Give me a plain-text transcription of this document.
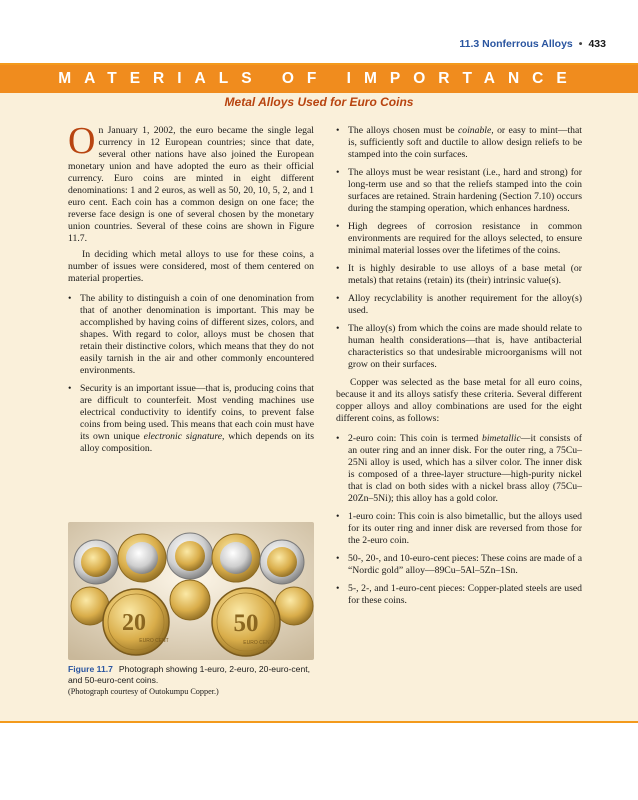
11.3 Nonferrous Alloys • 433
MATERIALS OF IMPORTANCE
Metal Alloys Used for Euro Coins

On January 1, 2002, the euro became the single legal currency in 12 European countries; since that date, several other nations have also joined the European monetary union and have adopted the euro as their official currency. Euro coins are minted in eight different denominations: 1 and 2 euros, as well as 50, 20, 10, 5, 2, and 1 euro cent. Each coin has a common design on one face; the reverse face design is one of several chosen by the monetary union countries. Several of these coins are shown in Figure 11.7.

In deciding which metal alloys to use for these coins, a number of issues were considered, most of them centered on material properties.

• The ability to distinguish a coin of one denomination from that of another denomination is important. This may be accomplished by having coins of different sizes, colors, and shapes. With regard to color, alloys must be chosen that retain their distinctive colors, which means that they do not easily tarnish in the air and other commonly encountered environments.
• Security is an important issue—that is, producing coins that are difficult to counterfeit. Most vending machines use electrical conductivity to identify coins, to prevent false coins from being used. This means that each coin must have its own unique electronic signature, which depends on its alloy composition.
20
EURO CENT
50
EURO CENT
Figure 11.7 Photograph showing 1-euro, 2-euro, 20-euro-cent, and 50-euro-cent coins.
(Photograph courtesy of Outokumpu Copper.)
• The alloys chosen must be coinable, or easy to mint—that is, sufficiently soft and ductile to allow design reliefs to be stamped into the coin surfaces.
• The alloys must be wear resistant (i.e., hard and strong) for long-term use and so that the reliefs stamped into the coin surfaces are retained. Strain hardening (Section 7.10) occurs during the stamping operation, which enhances hardness.
• High degrees of corrosion resistance in common environments are required for the alloys selected, to ensure minimal material losses over the lifetimes of the coins.
• It is highly desirable to use alloys of a base metal (or metals) that retains (retain) its (their) intrinsic value(s).
• Alloy recyclability is another requirement for the alloy(s) used.
• The alloy(s) from which the coins are made should relate to human health considerations—that is, have antibacterial characteristics so that undesirable microorganisms will not grow on their surfaces.

Copper was selected as the base metal for all euro coins, because it and its alloys satisfy these criteria. Several different copper alloys and alloy combinations are used for the eight different coins, as follows:

• 2-euro coin: This coin is termed bimetallic—it consists of an outer ring and an inner disk. For the outer ring, a 75Cu–25Ni alloy is used, which has a silver color. The inner disk is composed of a three-layer structure—high-purity nickel that is clad on both sides with a nickel brass alloy (75Cu–20Zn–5Ni); this alloy has a gold color.
• 1-euro coin: This coin is also bimetallic, but the alloys used for its outer ring and inner disk are reversed from those for the 2-euro coin.
• 50-, 20-, and 10-euro-cent pieces: These coins are made of a “Nordic gold” alloy—89Cu–5Al–5Zn–1Sn.
• 5-, 2-, and 1-euro-cent pieces: Copper-plated steels are used for these coins.
